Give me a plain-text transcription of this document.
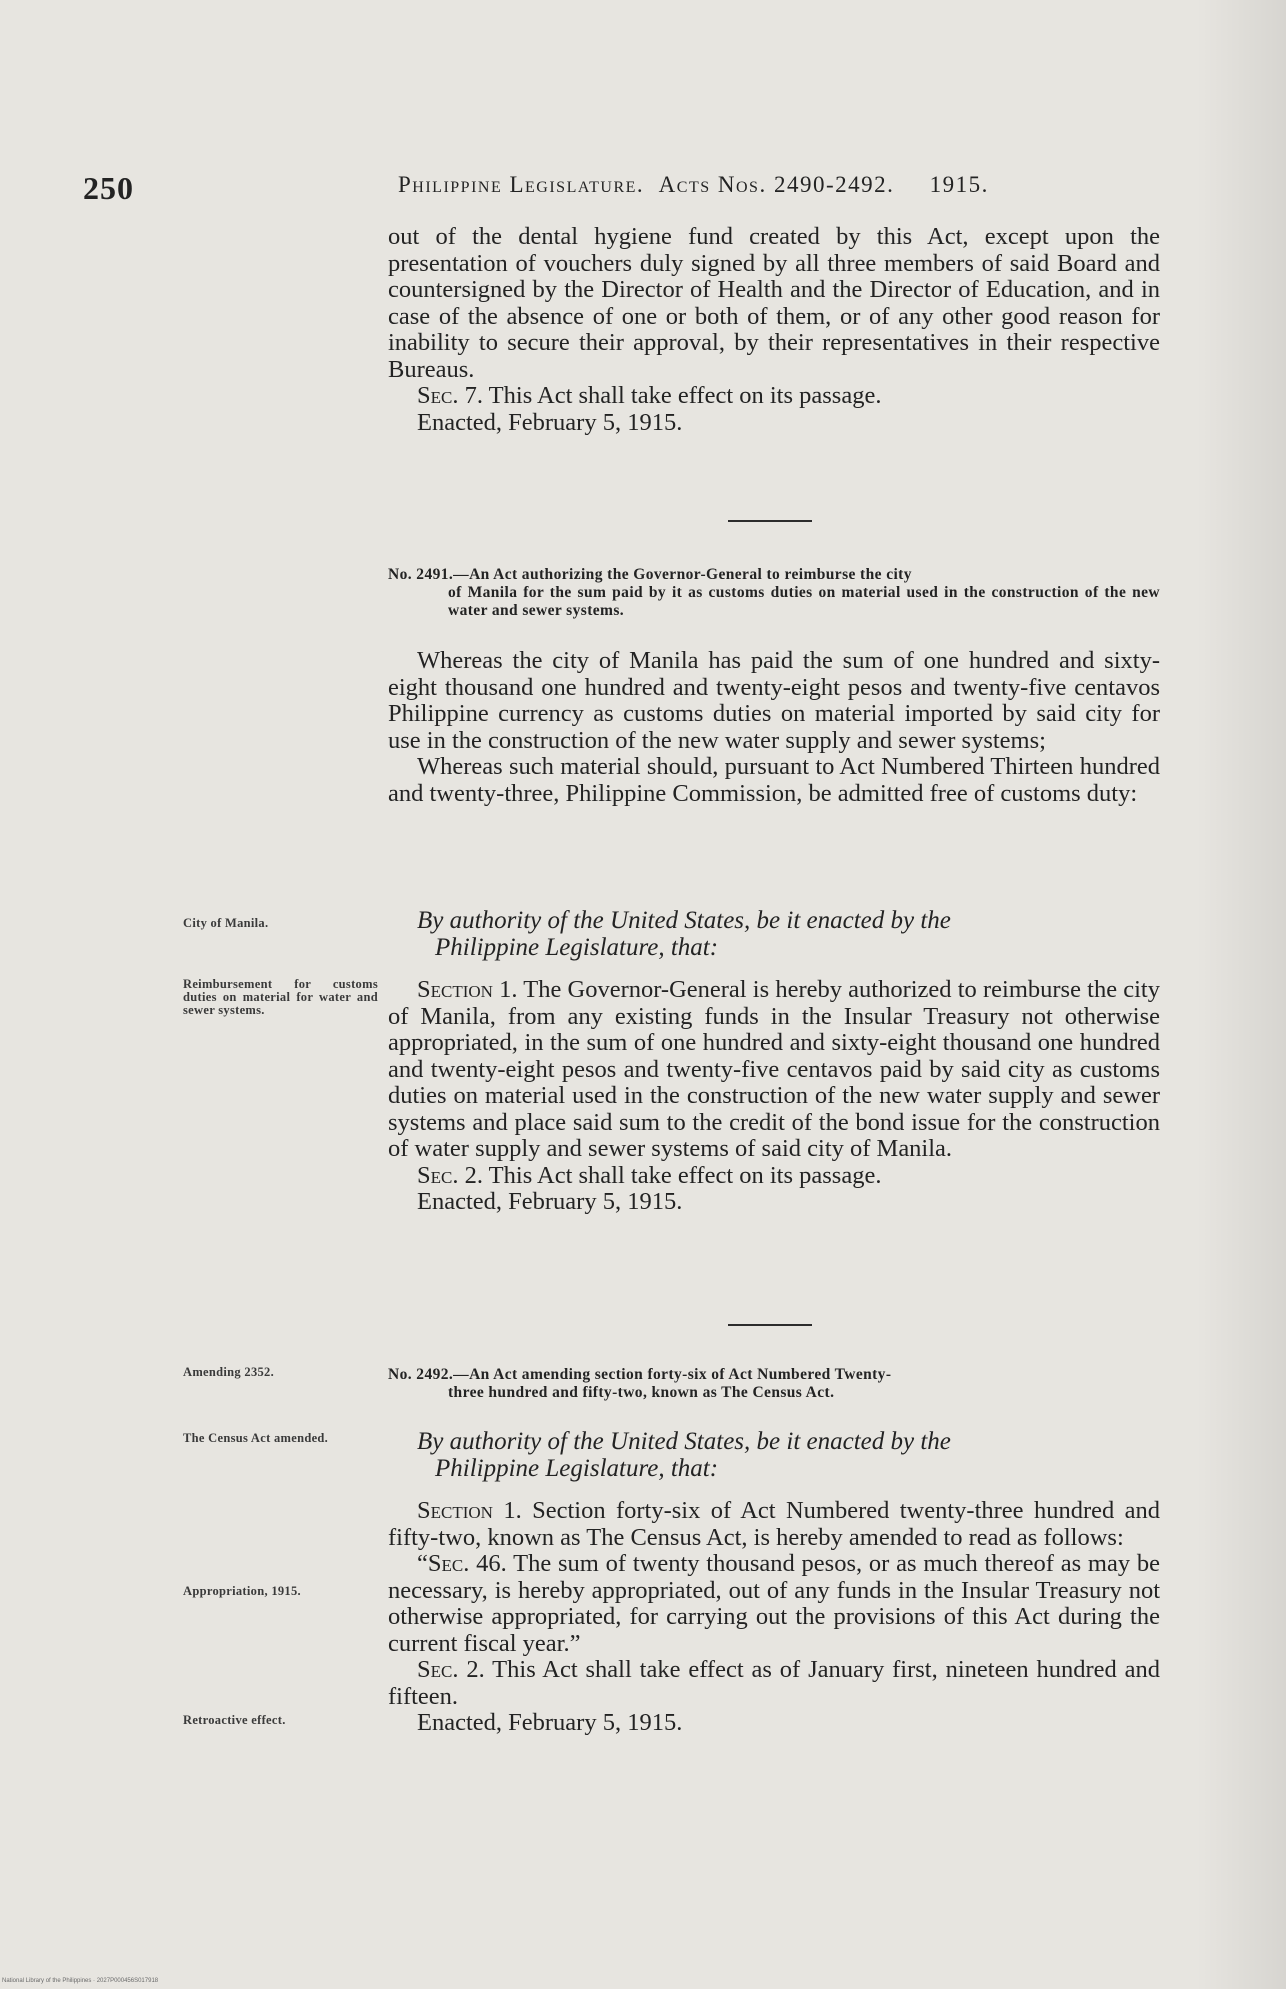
250	Philippine Legislature. Acts Nos. 2490-2492. 1915.

out of the dental hygiene fund created by this Act, except upon the presentation of vouchers duly signed by all three members of said Board and countersigned by the Director of Health and the Director of Education, and in case of the absence of one or both of them, or of any other good reason for inability to secure their approval, by their representatives in their respective Bureaus.

Sec. 7. This Act shall take effect on its passage.

Enacted, February 5, 1915.

No. 2491.—An Act authorizing the Governor-General to reimburse the city
of Manila for the sum paid by it as customs duties on material used in the construction of the new water and sewer systems.

Whereas the city of Manila has paid the sum of one hundred and sixty-eight thousand one hundred and twenty-eight pesos and twenty-five centavos Philippine currency as customs duties on material imported by said city for use in the construction of the new water supply and sewer systems;

Whereas such material should, pursuant to Act Numbered Thirteen hundred and twenty-three, Philippine Commission, be admitted free of customs duty:

By authority of the United States, be it enacted by the
Philippine Legislature, that:

Section 1. The Governor-General is hereby authorized to reimburse the city of Manila, from any existing funds in the Insular Treasury not otherwise appropriated, in the sum of one hundred and sixty-eight thousand one hundred and twenty-eight pesos and twenty-five centavos paid by said city as customs duties on material used in the construction of the new water supply and sewer systems and place said sum to the credit of the bond issue for the construction of water supply and sewer systems of said city of Manila.

Sec. 2. This Act shall take effect on its passage.

Enacted, February 5, 1915.

No. 2492.—An Act amending section forty-six of Act Numbered Twenty-
three hundred and fifty-two, known as The Census Act.
By authority of the United States, be it enacted by the
Philippine Legislature, that:

Section 1. Section forty-six of Act Numbered twenty-three hundred and fifty-two, known as The Census Act, is hereby amended to read as follows:

“Sec. 46. The sum of twenty thousand pesos, or as much thereof as may be necessary, is hereby appropriated, out of any funds in the Insular Treasury not otherwise appropriated, for carrying out the provisions of this Act during the current fiscal year.”

Sec. 2. This Act shall take effect as of January first, nineteen hundred and fifteen.

Enacted, February 5, 1915.

City of Manila.
Reimbursement for customs duties on material for water and sewer systems.
Amending 2352.
The Census Act amended.
Appropriation, 1915.
Retroactive effect.
National Library of the Philippines · 2027P000456S017918
